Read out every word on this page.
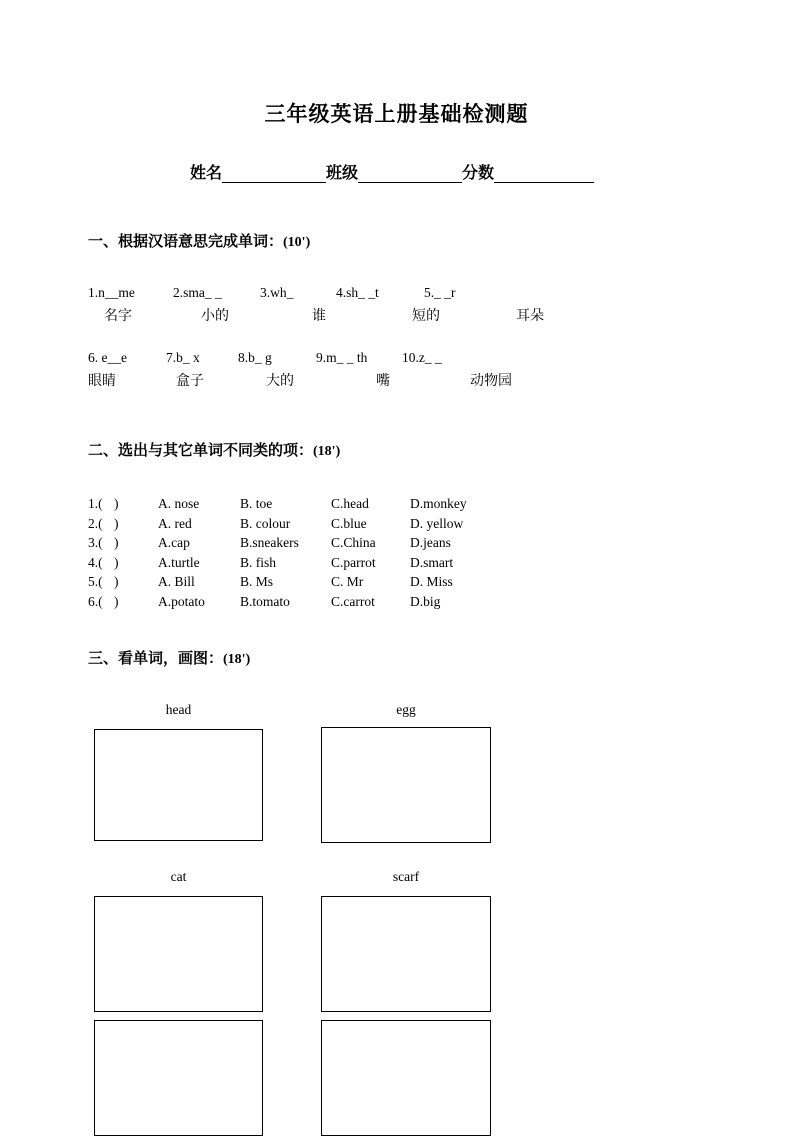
三年级英语上册基础检测题
姓名	班级	分数
一、根据汉语意思完成单词：(10')
1.n__me	2.sma_ _	3.wh_	4.sh_ _t	5._ _r
名字	小的	谁	短的	耳朵
6. e__e	7.b_ x	8.b_ g	9.m_ _ th	10.z_ _
眼睛	盒子	大的	嘴	动物园
二、选出与其它单词不同类的项：(18')
1.( )	A. nose	B. toe	C.head	D.monkey
2.( )	A. red	B. colour	C.blue	D. yellow
3.( )	A.cap	B.sneakers	C.China	D.jeans
4.( )	A.turtle	B. fish	C.parrot	D.smart
5.( )	A. Bill	B. Ms	C. Mr	D. Miss
6.( )	A.potato	B.tomato	C.carrot	D.big
三、看单词，画图：(18')
head	egg
cat	scarf
